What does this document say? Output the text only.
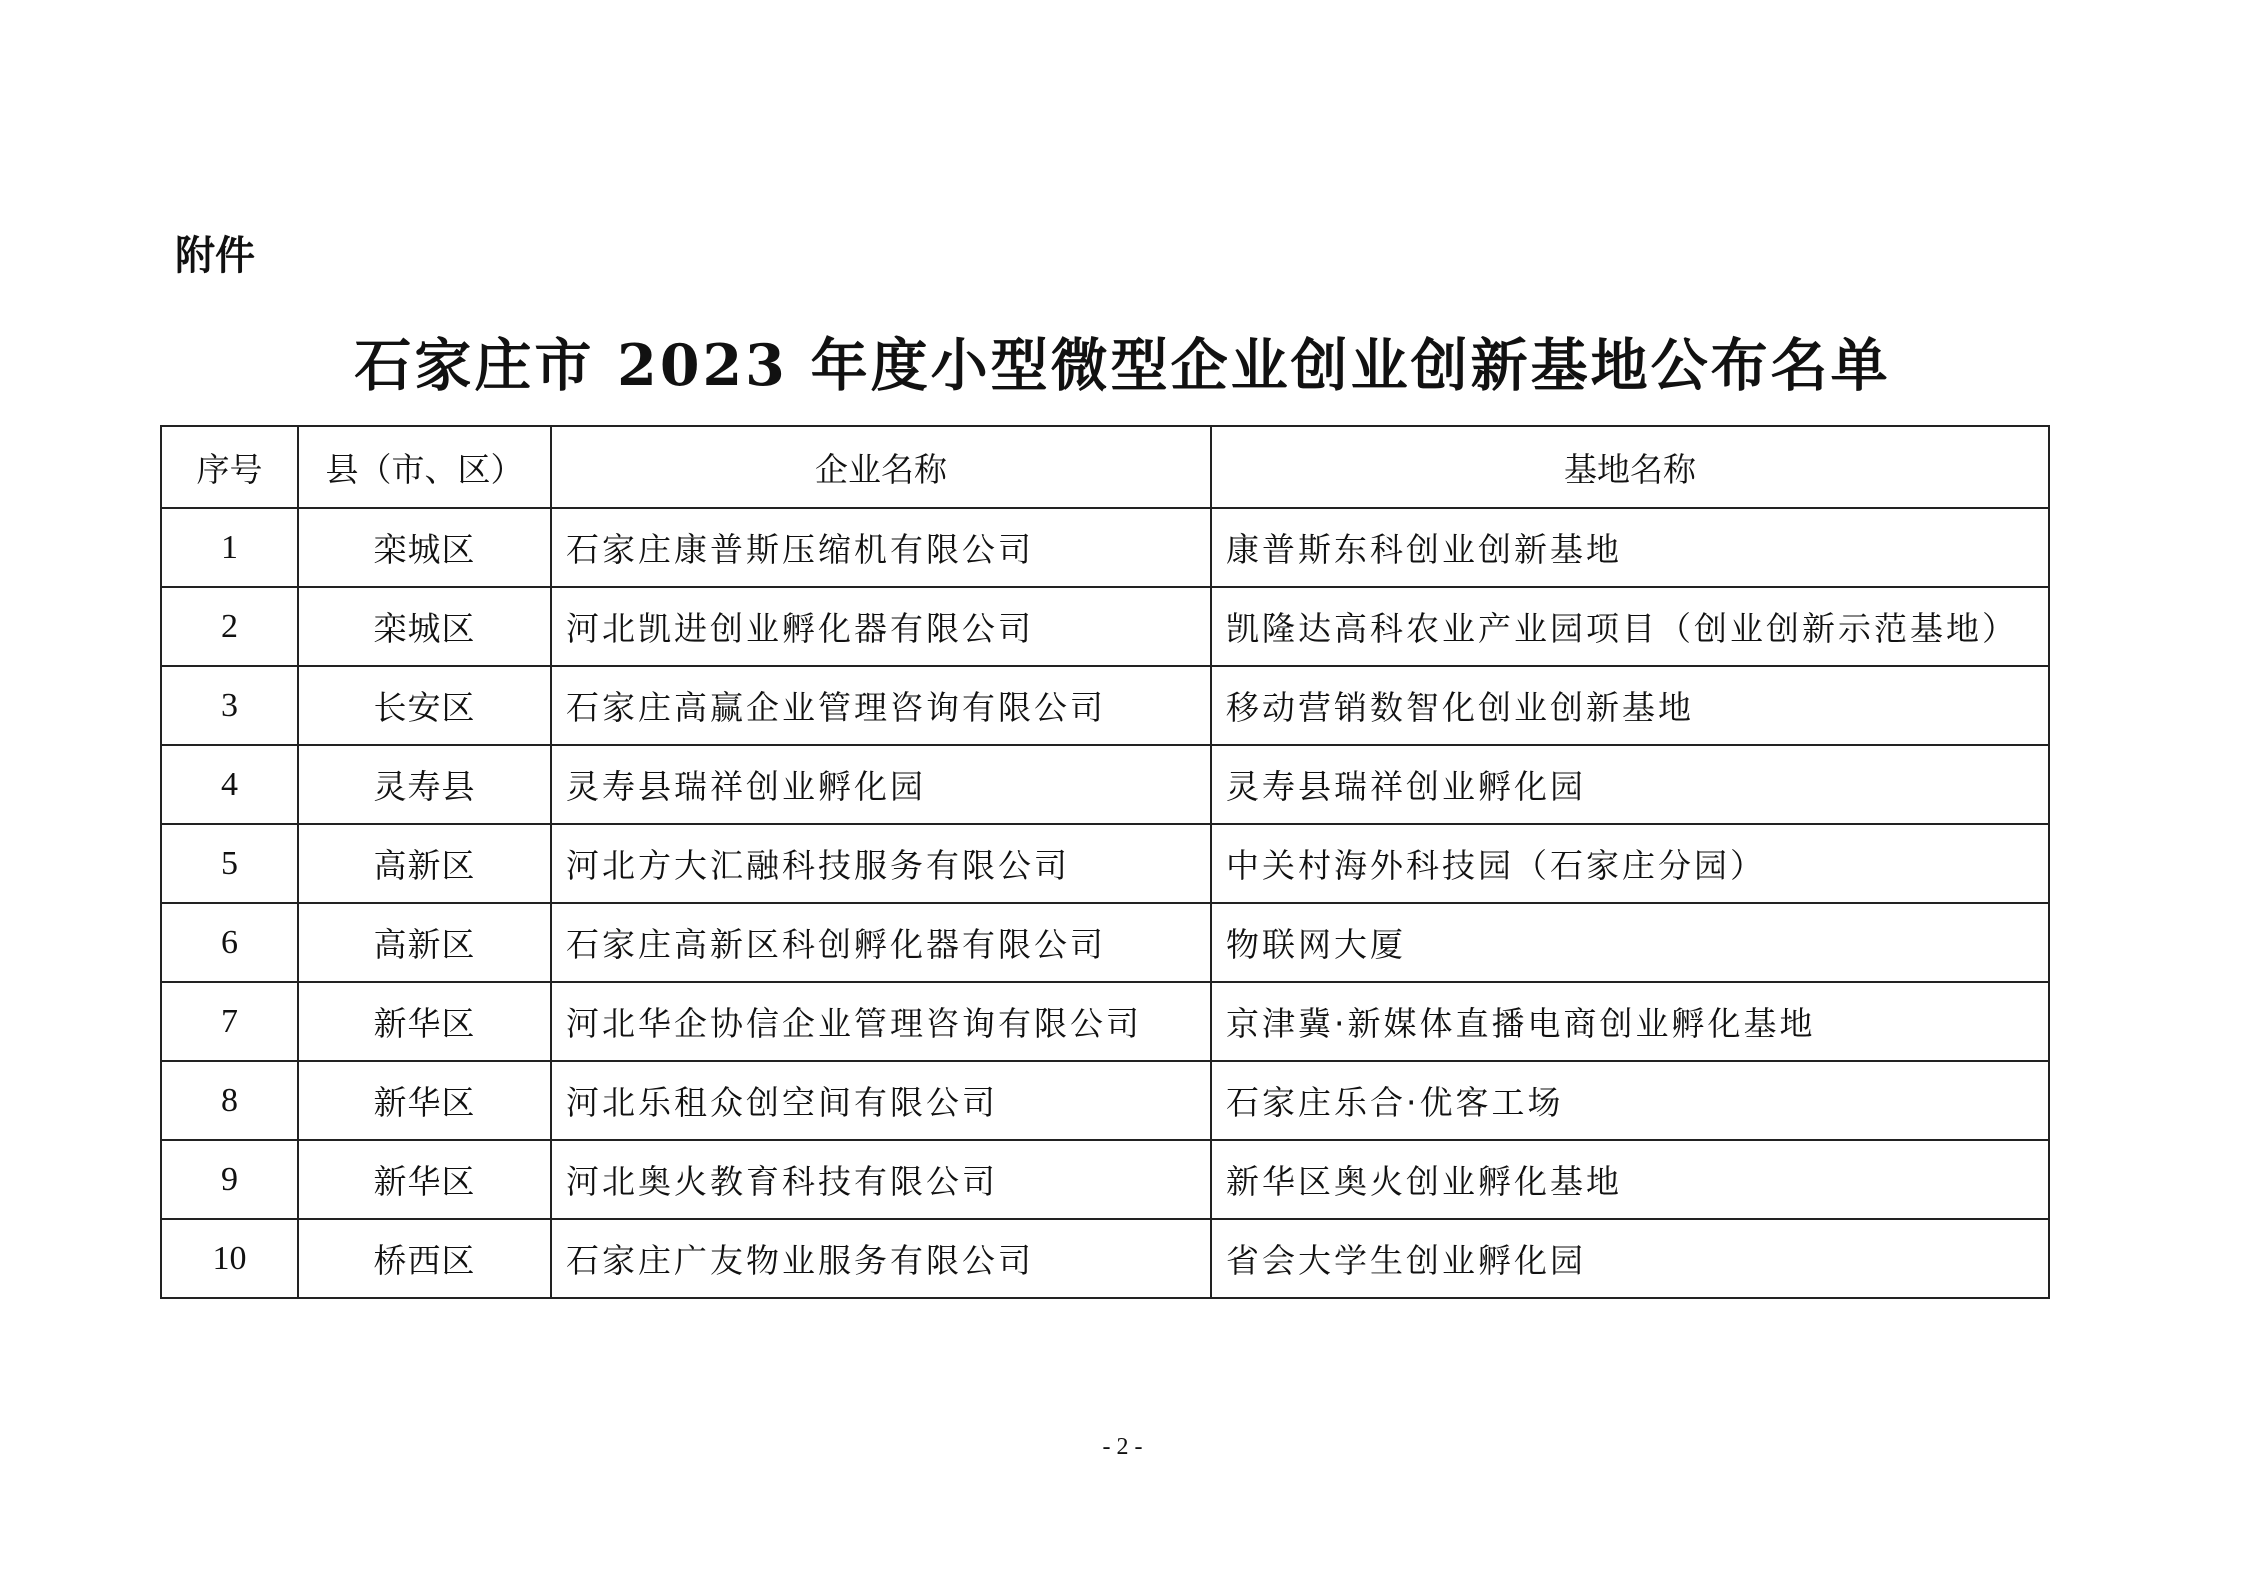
附件
石家庄市 2023 年度小型微型企业创业创新基地公布名单
序号	县（市、区）	企业名称	基地名称
1	栾城区	石家庄康普斯压缩机有限公司	康普斯东科创业创新基地
2	栾城区	河北凯进创业孵化器有限公司	凯隆达高科农业产业园项目（创业创新示范基地）
3	长安区	石家庄高赢企业管理咨询有限公司	移动营销数智化创业创新基地
4	灵寿县	灵寿县瑞祥创业孵化园	灵寿县瑞祥创业孵化园
5	高新区	河北方大汇融科技服务有限公司	中关村海外科技园（石家庄分园）
6	高新区	石家庄高新区科创孵化器有限公司	物联网大厦
7	新华区	河北华企协信企业管理咨询有限公司	京津冀·新媒体直播电商创业孵化基地
8	新华区	河北乐租众创空间有限公司	石家庄乐合·优客工场
9	新华区	河北奥火教育科技有限公司	新华区奥火创业孵化基地
10	桥西区	石家庄广友物业服务有限公司	省会大学生创业孵化园
- 2 -
